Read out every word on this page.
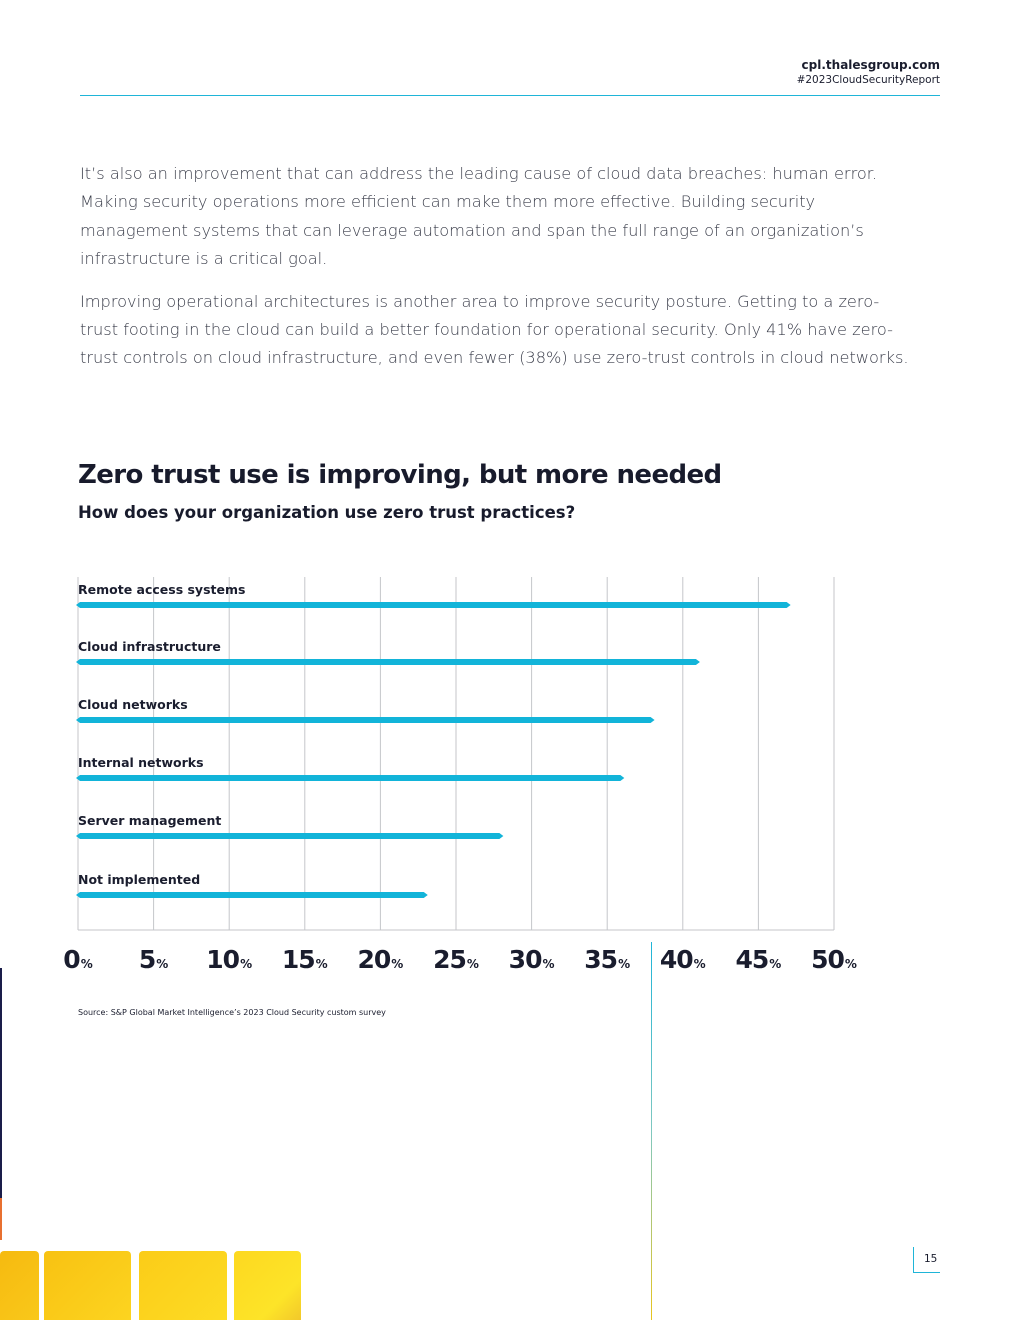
cpl.thalesgroup.com
#2023CloudSecurityReport

It’s also an improvement that can address the leading cause of cloud data breaches: human error. Making security operations more efficient can make them more effective. Building security management systems that can leverage automation and span the full range of an organization’s infrastructure is a critical goal.

Improving operational architectures is another area to improve security posture. Getting to a zero-trust footing in the cloud can build a better foundation for operational security. Only 41% have zero-trust controls on cloud infrastructure, and even fewer (38%) use zero-trust controls in cloud networks.

Zero trust use is improving, but more needed
How does your organization use zero trust practices?
Remote access systems
Cloud infrastructure
Cloud networks
Internal networks
Server management
Not implemented
0% 5% 10% 15% 20% 25% 30% 35% 40% 45% 50%
Source: S&P Global Market Intelligence’s 2023 Cloud Security custom survey
15
